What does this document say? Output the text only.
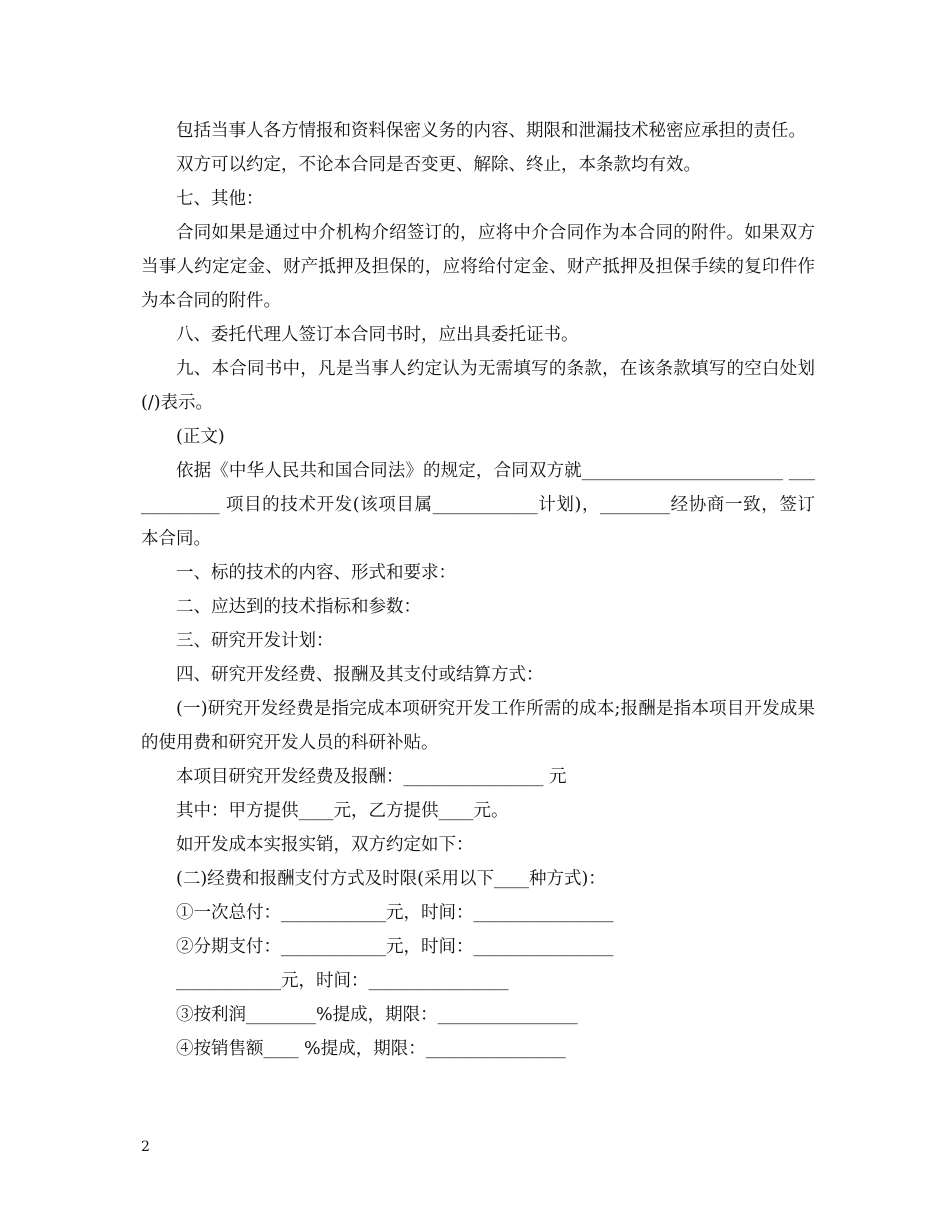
包括当事人各方情报和资料保密义务的内容、期限和泄漏技术秘密应承担的责任。

双方可以约定，不论本合同是否变更、解除、终止，本条款均有效。

七、其他：

合同如果是通过中介机构介绍签订的，应将中介合同作为本合同的附件。如果双方当事人约定定金、财产抵押及担保的，应将给付定金、财产抵押及担保手续的复印件作为本合同的附件。

八、委托代理人签订本合同书时，应出具委托证书。

九、本合同书中，凡是当事人约定认为无需填写的条款，在该条款填写的空白处划(/)表示。

(正文)

依据《中华人民共和国合同法》的规定，合同双方就_______________________ ____________ 项目的技术开发(该项目属____________计划)，________经协商一致，签订本合同。

一、标的技术的内容、形式和要求：

二、应达到的技术指标和参数：

三、研究开发计划：

四、研究开发经费、报酬及其支付或结算方式：

(一)研究开发经费是指完成本项研究开发工作所需的成本;报酬是指本项目开发成果的使用费和研究开发人员的科研补贴。

本项目研究开发经费及报酬：________________ 元

其中：甲方提供____元，乙方提供____元。

如开发成本实报实销，双方约定如下：

(二)经费和报酬支付方式及时限(采用以下____种方式)：

①一次总付：____________元，时间：________________

②分期支付：____________元，时间：________________

____________元，时间：________________

③按利润________%提成，期限：________________

④按销售额____ %提成，期限：________________

2
